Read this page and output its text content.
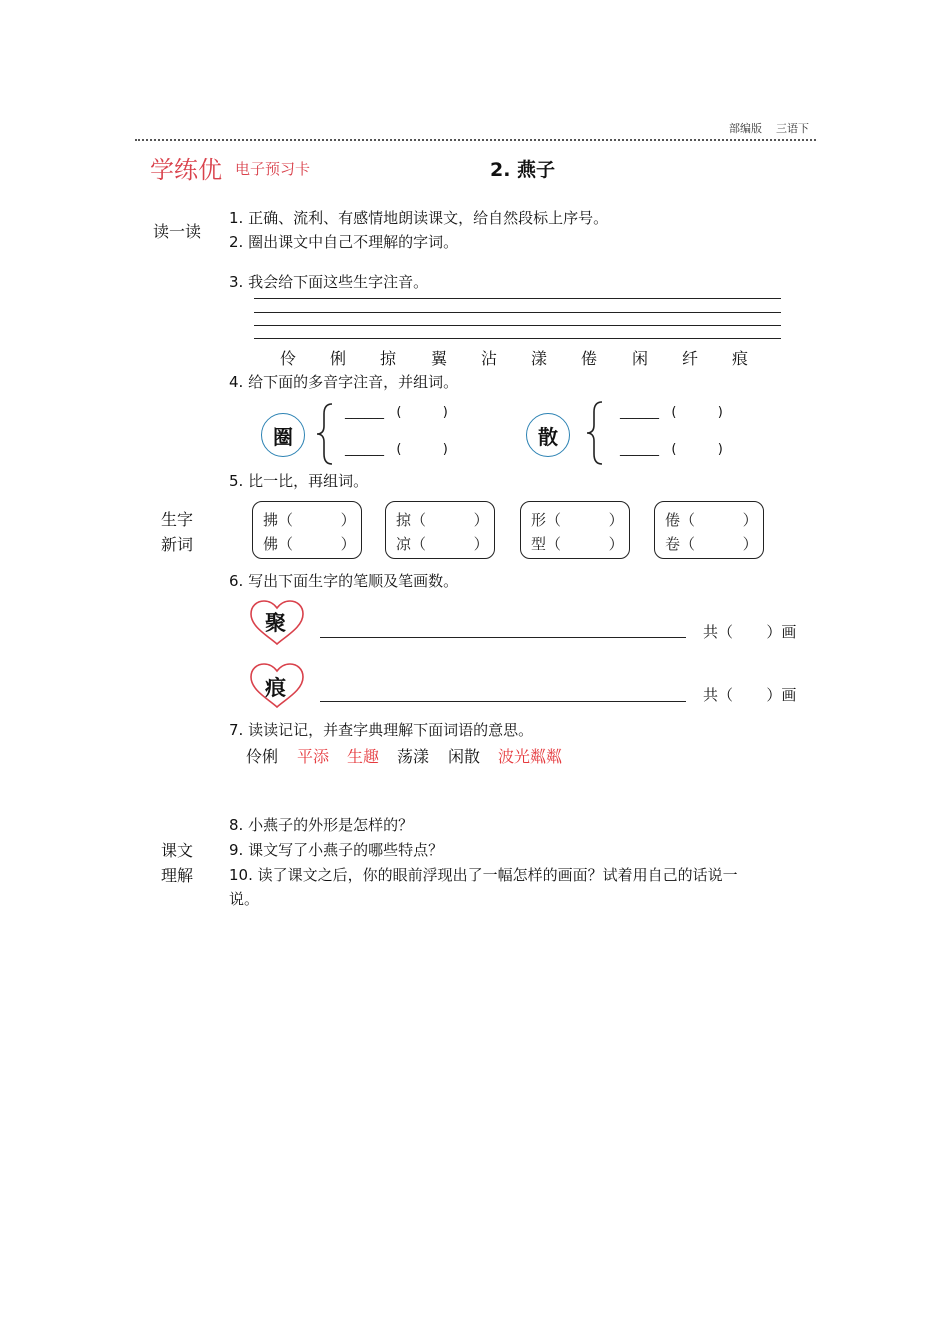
部编版 三语下
学练优 电子预习卡	2. 燕子
读一读
生字
新词
课文
理解
1. 正确、流利、有感情地朗读课文，给自然段标上序号。
2. 圈出课文中自己不理解的字词。
3. 我会给下面这些生字注音。
伶 俐 掠 翼 沾 漾 倦 闲 纤 痕
4. 给下面的多音字注音，并组词。
圈
______   (          )
______   (          )
散
______   (          )
______   (          )
5. 比一比，再组词。
拂（          ）
佛（          ）
掠（          ）
凉（          ）
形（          ）
型（          ）
倦（          ）
卷（          ）
6. 写出下面生字的笔顺及笔画数。
聚	共（       ）画
痕	共（       ）画
7. 读读记记，并查字典理解下面词语的意思。
伶俐 平添 生趣 荡漾 闲散 波光粼粼
8. 小燕子的外形是怎样的？
9. 课文写了小燕子的哪些特点？
10. 读了课文之后，你的眼前浮现出了一幅怎样的画面？试着用自己的话说一
说。
